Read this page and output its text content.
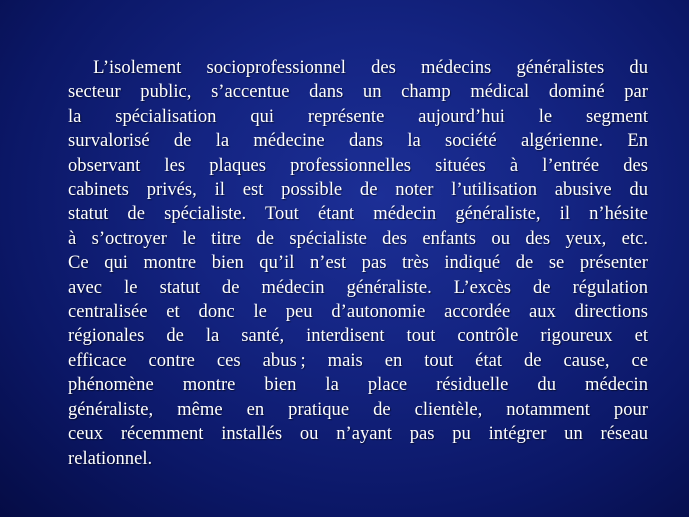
L’isolement socioprofessionnel des médecins généralistes du
secteur public, s’accentue dans un champ médical dominé par
la spécialisation qui représente aujourd’hui le segment
survalorisé de la médecine dans la société algérienne. En
observant les plaques professionnelles situées à l’entrée des
cabinets privés, il est possible de noter l’utilisation abusive du
statut de spécialiste. Tout étant médecin généraliste, il n’hésite
à s’octroyer le titre de spécialiste des enfants ou des yeux, etc.
Ce qui montre bien qu’il n’est pas très indiqué de se présenter
avec le statut de médecin généraliste. L’excès de régulation
centralisée et donc le peu d’autonomie accordée aux directions
régionales de la santé, interdisent tout contrôle rigoureux et
efficace contre ces abus ; mais en tout état de cause, ce
phénomène montre bien la place résiduelle du médecin
généraliste, même en pratique de clientèle, notamment pour
ceux récemment installés ou n’ayant pas pu intégrer un réseau
relationnel.
